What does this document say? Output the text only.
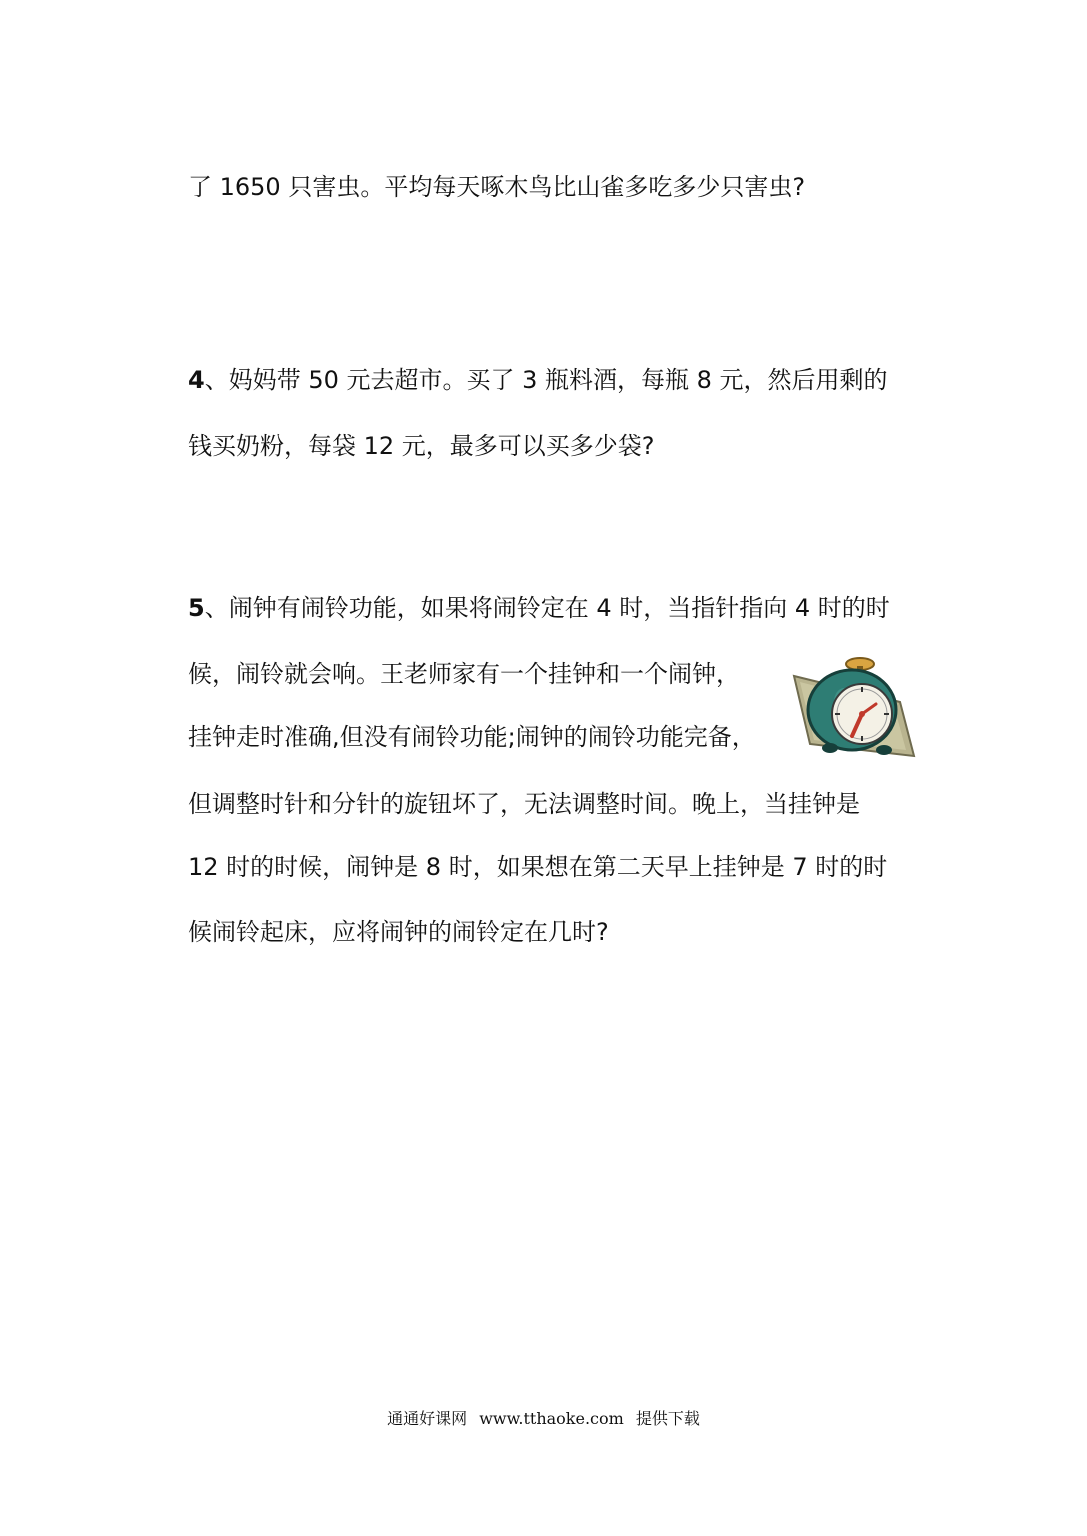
了 1650 只害虫。平均每天啄木鸟比山雀多吃多少只害虫?
4、妈妈带 50 元去超市。买了 3 瓶料酒，每瓶 8 元，然后用剩的
钱买奶粉，每袋 12 元，最多可以买多少袋?
5、闹钟有闹铃功能，如果将闹铃定在 4 时，当指针指向 4 时的时
候，闹铃就会响。王老师家有一个挂钟和一个闹钟，
挂钟走时准确,但没有闹铃功能;闹钟的闹铃功能完备，
但调整时针和分针的旋钮坏了，无法调整时间。晚上，当挂钟是
12 时的时候，闹钟是 8 时，如果想在第二天早上挂钟是 7 时的时
候闹铃起床，应将闹钟的闹铃定在几时?
通通好课网 www.tthaoke.com 提供下载
